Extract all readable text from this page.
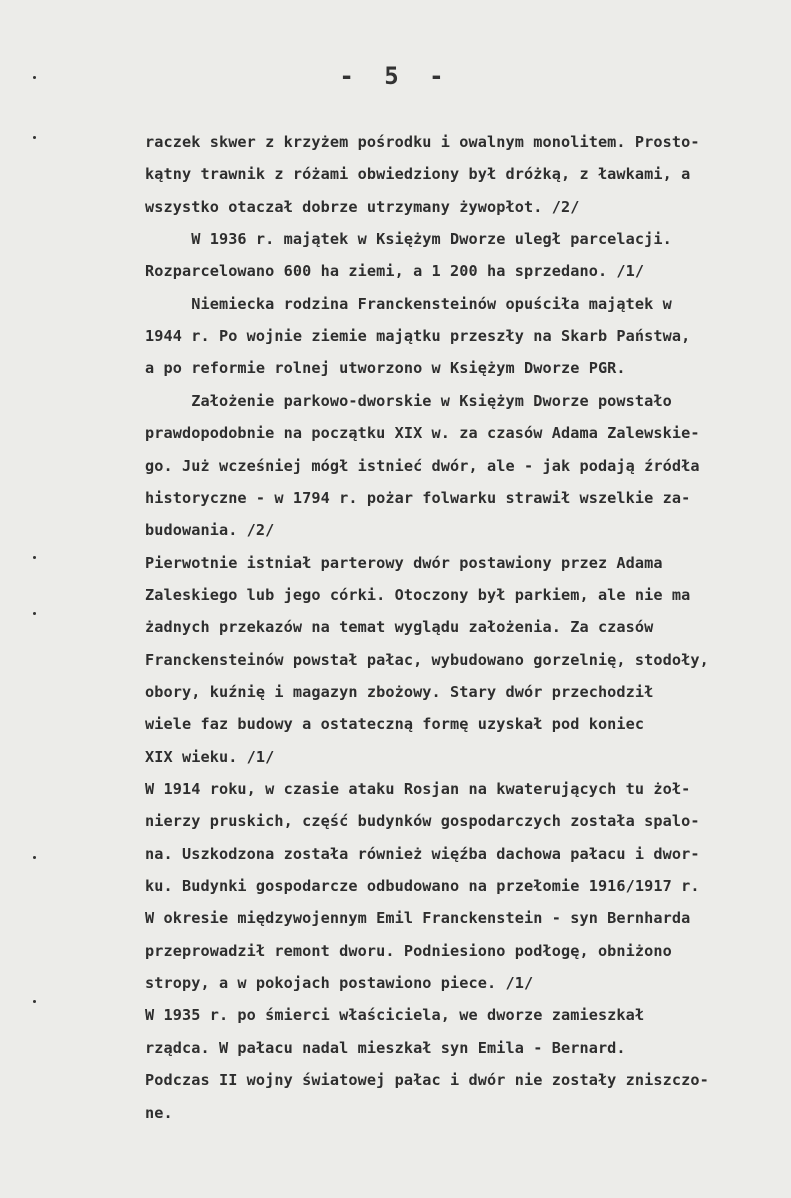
- 5 -
raczek skwer z krzyżem pośrodku i owalnym monolitem. Prosto-
kątny trawnik z różami obwiedziony był dróżką, z ławkami, a
wszystko otaczał dobrze utrzymany żywopłot. /2/
W 1936 r. majątek w Księżym Dworze uległ parcelacji.
Rozparcelowano 600 ha ziemi, a 1 200 ha sprzedano. /1/
Niemiecka rodzina Franckensteinów opuściła majątek w
1944 r. Po wojnie ziemie majątku przeszły na Skarb Państwa,
a po reformie rolnej utworzono w Księżym Dworze PGR.
Założenie parkowo-dworskie w Księżym Dworze powstało
prawdopodobnie na początku XIX w. za czasów Adama Zalewskie-
go. Już wcześniej mógł istnieć dwór, ale - jak podają źródła
historyczne - w 1794 r. pożar folwarku strawił wszelkie za-
budowania. /2/
Pierwotnie istniał parterowy dwór postawiony przez Adama
Zaleskiego lub jego córki. Otoczony był parkiem, ale nie ma
żadnych przekazów na temat wyglądu założenia. Za czasów
Franckensteinów powstał pałac, wybudowano gorzelnię, stodoły,
obory, kuźnię i magazyn zbożowy. Stary dwór przechodził
wiele faz budowy a ostateczną formę uzyskał pod koniec
XIX wieku. /1/
W 1914 roku, w czasie ataku Rosjan na kwaterujących tu żoł-
nierzy pruskich, część budynków gospodarczych została spalo-
na. Uszkodzona została również więźba dachowa pałacu i dwor-
ku. Budynki gospodarcze odbudowano na przełomie 1916/1917 r.
W okresie międzywojennym Emil Franckenstein - syn Bernharda
przeprowadził remont dworu. Podniesiono podłogę, obniżono
stropy, a w pokojach postawiono piece. /1/
W 1935 r. po śmierci właściciela, we dworze zamieszkał
rządca. W pałacu nadal mieszkał syn Emila - Bernard.
Podczas II wojny światowej pałac i dwór nie zostały zniszczo-
ne.
